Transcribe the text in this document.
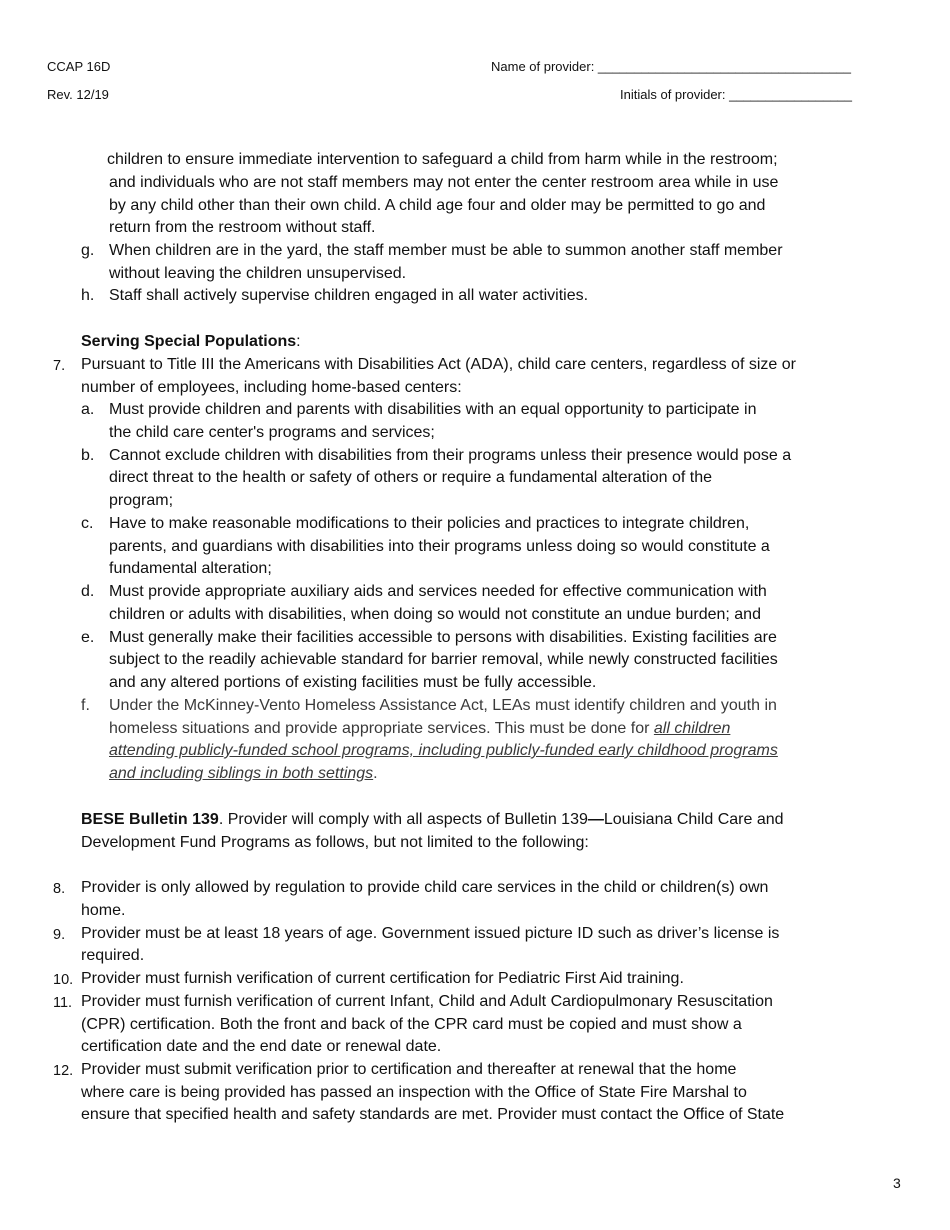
CCAP 16D
Rev. 12/19
Name of provider: ___________________________________
Initials of provider: _________________
children to ensure immediate intervention to safeguard a child from harm while in the restroom;
and individuals who are not staff members may not enter the center restroom area while in use
by any child other than their own child. A child age four and older may be permitted to go and
return from the restroom without staff.
g. When children are in the yard, the staff member must be able to summon another staff member
without leaving the children unsupervised.
h. Staff shall actively supervise children engaged in all water activities.
Serving Special Populations:
7. Pursuant to Title III the Americans with Disabilities Act (ADA), child care centers, regardless of size or
number of employees, including home-based centers:
a. Must provide children and parents with disabilities with an equal opportunity to participate in
the child care center's programs and services;
b. Cannot exclude children with disabilities from their programs unless their presence would pose a
direct threat to the health or safety of others or require a fundamental alteration of the
program;
c. Have to make reasonable modifications to their policies and practices to integrate children,
parents, and guardians with disabilities into their programs unless doing so would constitute a
fundamental alteration;
d. Must provide appropriate auxiliary aids and services needed for effective communication with
children or adults with disabilities, when doing so would not constitute an undue burden; and
e. Must generally make their facilities accessible to persons with disabilities. Existing facilities are
subject to the readily achievable standard for barrier removal, while newly constructed facilities
and any altered portions of existing facilities must be fully accessible.
f. Under the McKinney-Vento Homeless Assistance Act, LEAs must identify children and youth in
homeless situations and provide appropriate services. This must be done for all children
attending publicly-funded school programs, including publicly-funded early childhood programs
and including siblings in both settings.
BESE Bulletin 139. Provider will comply with all aspects of Bulletin 139—Louisiana Child Care and
Development Fund Programs as follows, but not limited to the following:
8. Provider is only allowed by regulation to provide child care services in the child or children(s) own
home.
9. Provider must be at least 18 years of age. Government issued picture ID such as driver’s license is
required.
10. Provider must furnish verification of current certification for Pediatric First Aid training.
11. Provider must furnish verification of current Infant, Child and Adult Cardiopulmonary Resuscitation
(CPR) certification. Both the front and back of the CPR card must be copied and must show a
certification date and the end date or renewal date.
12. Provider must submit verification prior to certification and thereafter at renewal that the home
where care is being provided has passed an inspection with the Office of State Fire Marshal to
ensure that specified health and safety standards are met. Provider must contact the Office of State
3
